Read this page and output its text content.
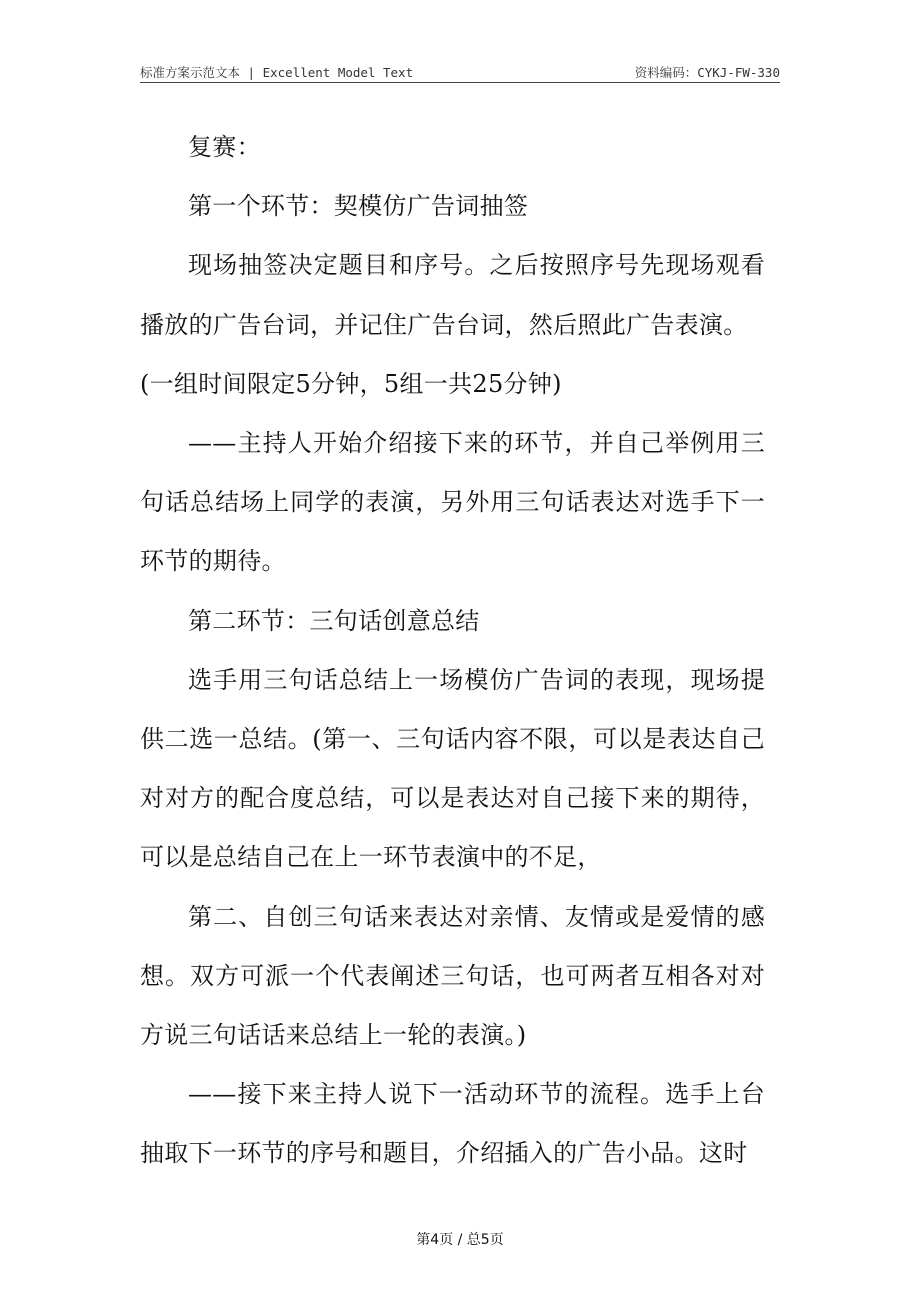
标准方案示范文本 | Excellent Model Text	资料编码：CYKJ-FW-330

复赛：

第一个环节：契模仿广告词抽签

现场抽签决定题目和序号。之后按照序号先现场观看播放的广告台词，并记住广告台词，然后照此广告表演。

(一组时间限定5分钟，5组一共25分钟)

——主持人开始介绍接下来的环节，并自己举例用三句话总结场上同学的表演，另外用三句话表达对选手下一环节的期待。

第二环节：三句话创意总结

选手用三句话总结上一场模仿广告词的表现，现场提供二选一总结。(第一、三句话内容不限，可以是表达自己对对方的配合度总结，可以是表达对自己接下来的期待，可以是总结自己在上一环节表演中的不足，

第二、自创三句话来表达对亲情、友情或是爱情的感想。双方可派一个代表阐述三句话，也可两者互相各对对方说三句话话来总结上一轮的表演。)

——接下来主持人说下一活动环节的流程。选手上台抽取下一环节的序号和题目，介绍插入的广告小品。这时

第4页 / 总5页
